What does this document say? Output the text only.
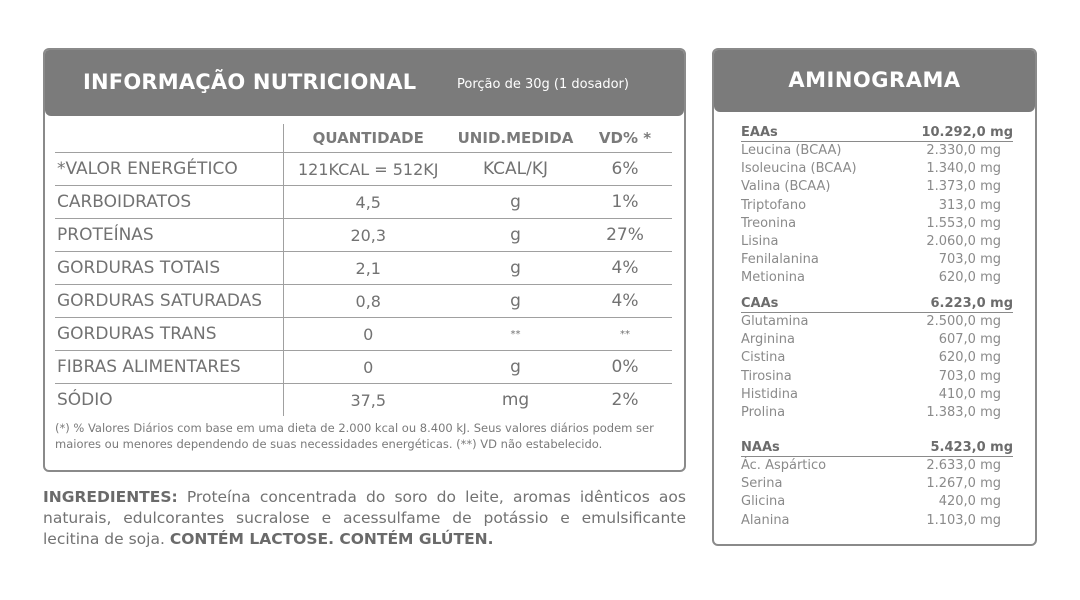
INFORMAÇÃO NUTRICIONAL	Porção de 30g (1 dosador)
	QUANTIDADE	UNID.MEDIDA	VD% *
*VALOR ENERGÉTICO	121KCAL = 512KJ	KCAL/KJ	6%
CARBOIDRATOS	4,5	g	1%
PROTEÍNAS	20,3	g	27%
GORDURAS TOTAIS	2,1	g	4%
GORDURAS SATURADAS	0,8	g	4%
GORDURAS TRANS	0	**	**
FIBRAS ALIMENTARES	0	g	0%
SÓDIO	37,5	mg	2%
(*) % Valores Diários com base em uma dieta de 2.000 kcal ou 8.400 kJ. Seus valores diários podem ser maiores ou menores dependendo de suas necessidades energéticas. (**) VD não estabelecido.
INGREDIENTES: Proteína concentrada do soro do leite, aromas idênticos aos naturais, edulcorantes sucralose e acessulfame de potássio e emulsificante lecitina de soja. CONTÉM LACTOSE. CONTÉM GLÚTEN.
AMINOGRAMA
EAAs	10.292,0 mg
Leucina (BCAA)	2.330,0 mg
Isoleucina (BCAA)	1.340,0 mg
Valina (BCAA)	1.373,0 mg
Triptofano	313,0 mg
Treonina	1.553,0 mg
Lisina	2.060,0 mg
Fenilalanina	703,0 mg
Metionina	620,0 mg
CAAs	6.223,0 mg
Glutamina	2.500,0 mg
Arginina	607,0 mg
Cistina	620,0 mg
Tirosina	703,0 mg
Histidina	410,0 mg
Prolina	1.383,0 mg
NAAs	5.423,0 mg
Ác. Aspártico	2.633,0 mg
Serina	1.267,0 mg
Glicina	420,0 mg
Alanina	1.103,0 mg
